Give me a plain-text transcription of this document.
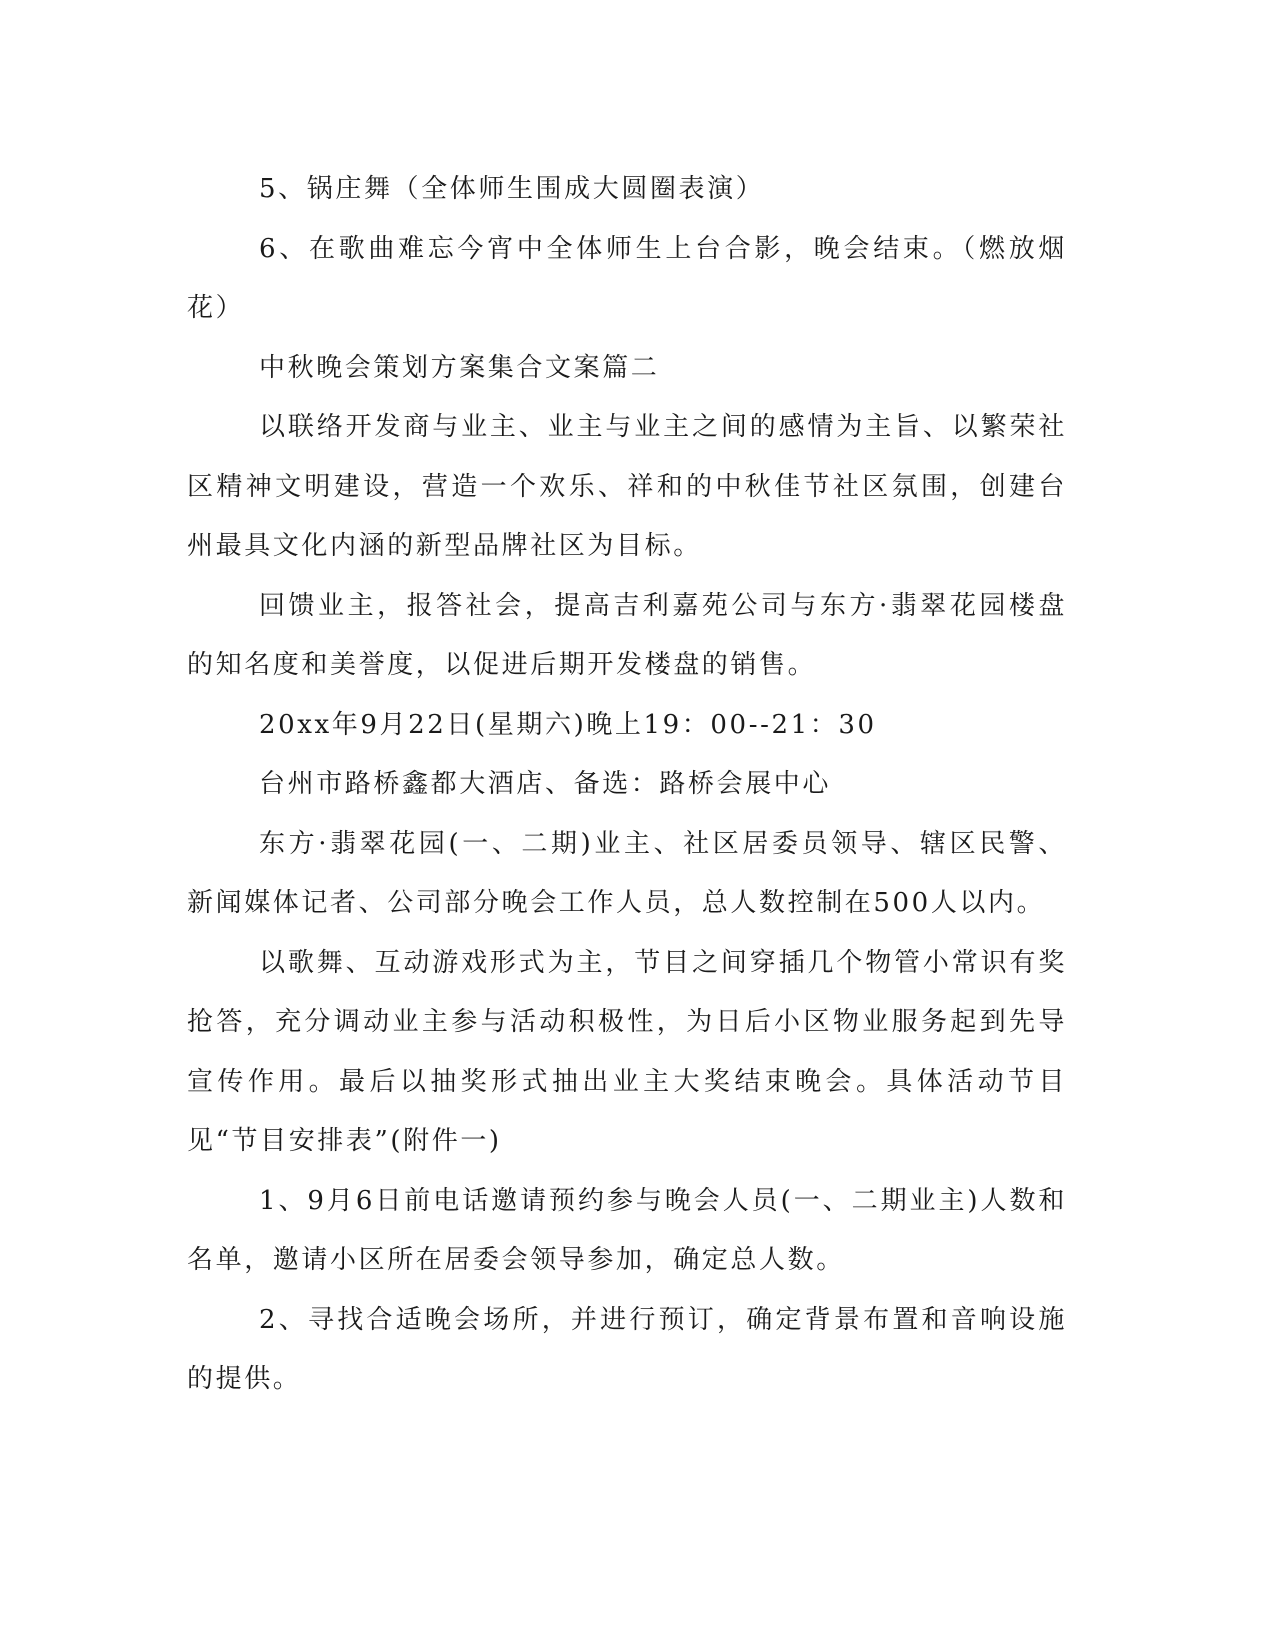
5、锅庄舞（全体师生围成大圆圈表演）

6、在歌曲难忘今宵中全体师生上台合影，晚会结束。（燃放烟花）

中秋晚会策划方案集合文案篇二

以联络开发商与业主、业主与业主之间的感情为主旨、以繁荣社区精神文明建设，营造一个欢乐、祥和的中秋佳节社区氛围，创建台州最具文化内涵的新型品牌社区为目标。

回馈业主，报答社会，提高吉利嘉苑公司与东方·翡翠花园楼盘的知名度和美誉度，以促进后期开发楼盘的销售。

20xx年9月22日(星期六)晚上19：00--21：30

台州市路桥鑫都大酒店、备选：路桥会展中心

东方·翡翠花园(一、二期)业主、社区居委员领导、辖区民警、新闻媒体记者、公司部分晚会工作人员，总人数控制在500人以内。

以歌舞、互动游戏形式为主，节目之间穿插几个物管小常识有奖抢答，充分调动业主参与活动积极性，为日后小区物业服务起到先导宣传作用。最后以抽奖形式抽出业主大奖结束晚会。具体活动节目见“节目安排表”(附件一)

1、9月6日前电话邀请预约参与晚会人员(一、二期业主)人数和名单，邀请小区所在居委会领导参加，确定总人数。

2、寻找合适晚会场所，并进行预订，确定背景布置和音响设施的提供。
